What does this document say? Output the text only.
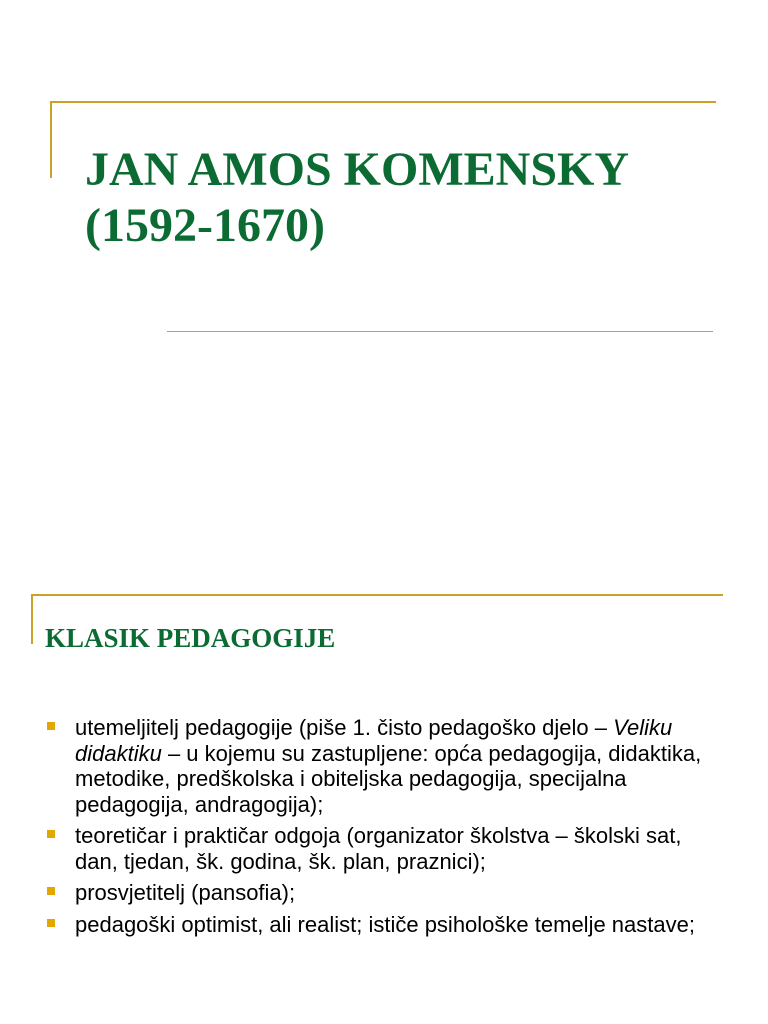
JAN AMOS KOMENSKY
(1592-1670)
KLASIK PEDAGOGIJE
utemeljitelj pedagogije (piše 1. čisto pedagoško djelo – Veliku didaktiku – u kojemu su zastupljene: opća pedagogija, didaktika, metodike, predškolska i obiteljska pedagogija, specijalna pedagogija, andragogija);
teoretičar i praktičar odgoja (organizator školstva – školski sat, dan, tjedan, šk. godina, šk. plan, praznici);
prosvjetitelj (pansofia);
pedagoški optimist, ali realist; ističe psihološke temelje nastave;
